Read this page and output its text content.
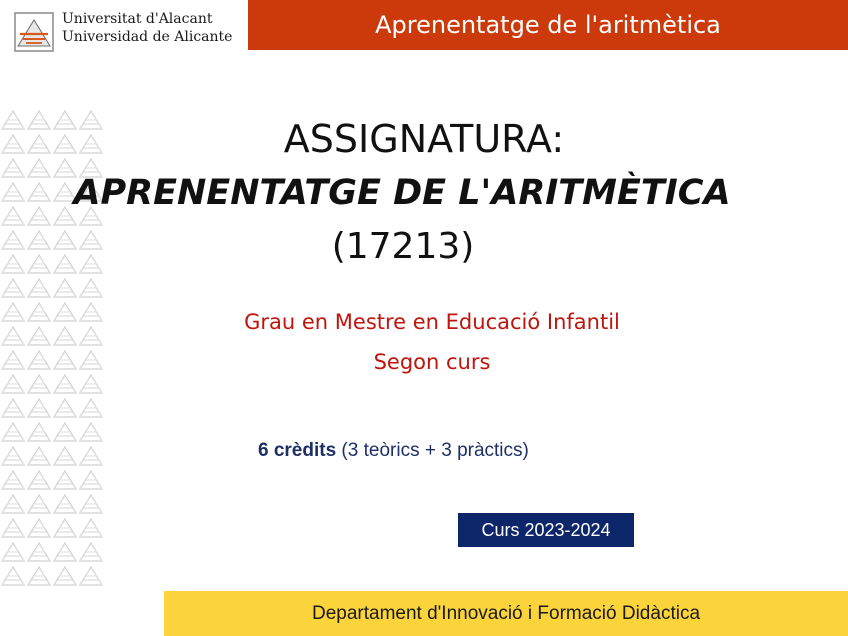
Universitat d'Alacant
Universidad de Alicante	Aprenentatge de l'aritmètica
ASSIGNATURA:
APRENENTATGE DE L'ARITMÈTICA
(17213)
Grau en Mestre en Educació Infantil
Segon curs
6 crèdits (3 teòrics + 3 pràctics)
Curs 2023-2024
Departament d'Innovació i Formació Didàctica
